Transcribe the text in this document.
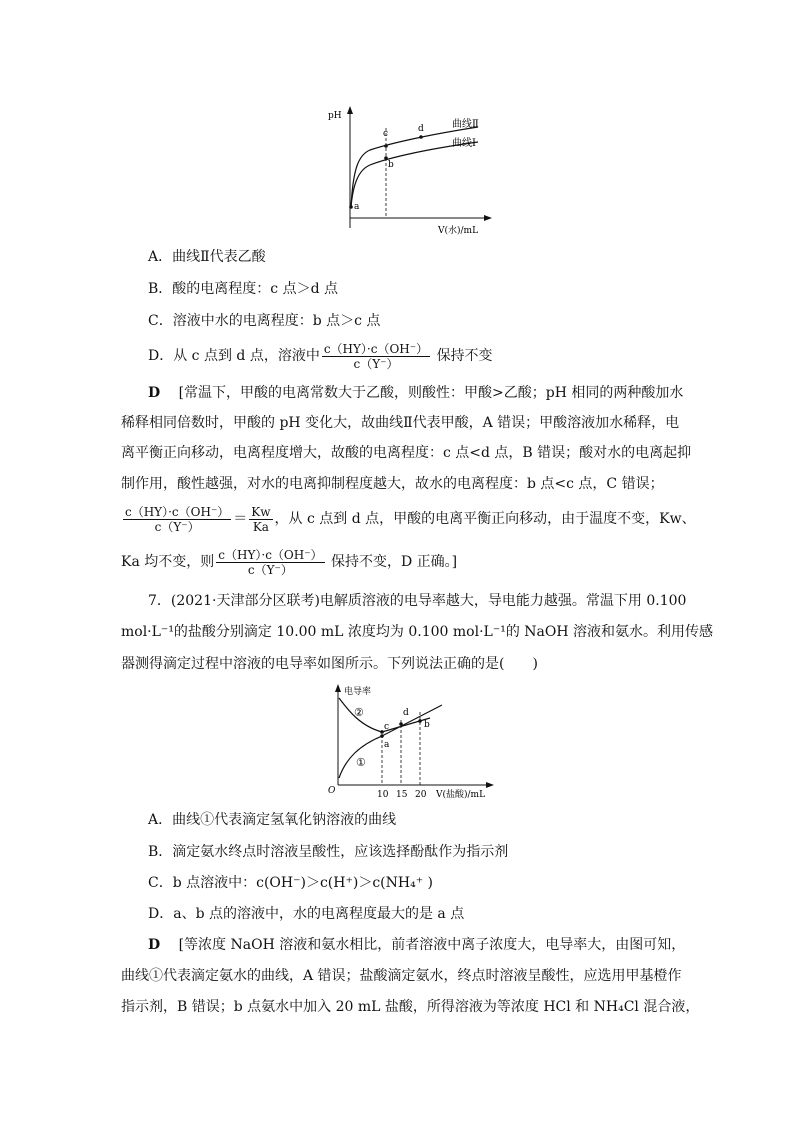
pH
V(水)/mL
a
b
c	d	曲线Ⅱ
曲线Ⅰ
A．曲线Ⅱ代表乙酸
B．酸的电离程度：c 点＞d 点
C．溶液中水的电离程度：b 点＞c 点
D．从 c 点到 d 点，溶液中 $\frac{c(HY)\cdot c(OH^-)}{c(Y^-)}$ 保持不变
D [常温下，甲酸的电离常数大于乙酸，则酸性：甲酸>乙酸；pH 相同的两种酸加水
稀释相同倍数时，甲酸的 pH 变化大，故曲线Ⅱ代表甲酸，A 错误；甲酸溶液加水稀释，电
离平衡正向移动，电离程度增大，故酸的电离程度：c 点<d 点，B 错误；酸对水的电离起抑
制作用，酸性越强，对水的电离抑制程度越大，故水的电离程度：b 点<c 点，C 错误；
$\frac{c(HY)\cdot c(OH^-)}{c(Y^-)} = \frac{Kw}{Ka}$ ，从 c 点到 d 点，甲酸的电离平衡正向移动，由于温度不变，Kw、
Ka 均不变，则 $\frac{c(HY)\cdot c(OH^-)}{c(Y^-)}$ 保持不变，D 正确。]
7．(2021·天津部分区联考)电解质溶液的电导率越大，导电能力越强。常温下用 0.100
mol·L⁻¹的盐酸分别滴定 10.00 mL 浓度均为 0.100 mol·L⁻¹的 NaOH 溶液和氨水。利用传感
器测得滴定过程中溶液的电导率如图所示。下列说法正确的是(　　)
电导率
O	V(盐酸)/mL
10 15 20
a
c
d
b
②
①
A．曲线①代表滴定氢氧化钠溶液的曲线
B．滴定氨水终点时溶液呈酸性，应该选择酚酞作为指示剂
C．b 点溶液中：c(OH⁻)＞c(H⁺)＞c(NH₄⁺ )
D．a、b 点的溶液中，水的电离程度最大的是 a 点
D [等浓度 NaOH 溶液和氨水相比，前者溶液中离子浓度大，电导率大，由图可知，
曲线①代表滴定氨水的曲线，A 错误；盐酸滴定氨水，终点时溶液呈酸性，应选用甲基橙作
指示剂，B 错误；b 点氨水中加入 20 mL 盐酸，所得溶液为等浓度 HCl 和 NH₄Cl 混合液，
